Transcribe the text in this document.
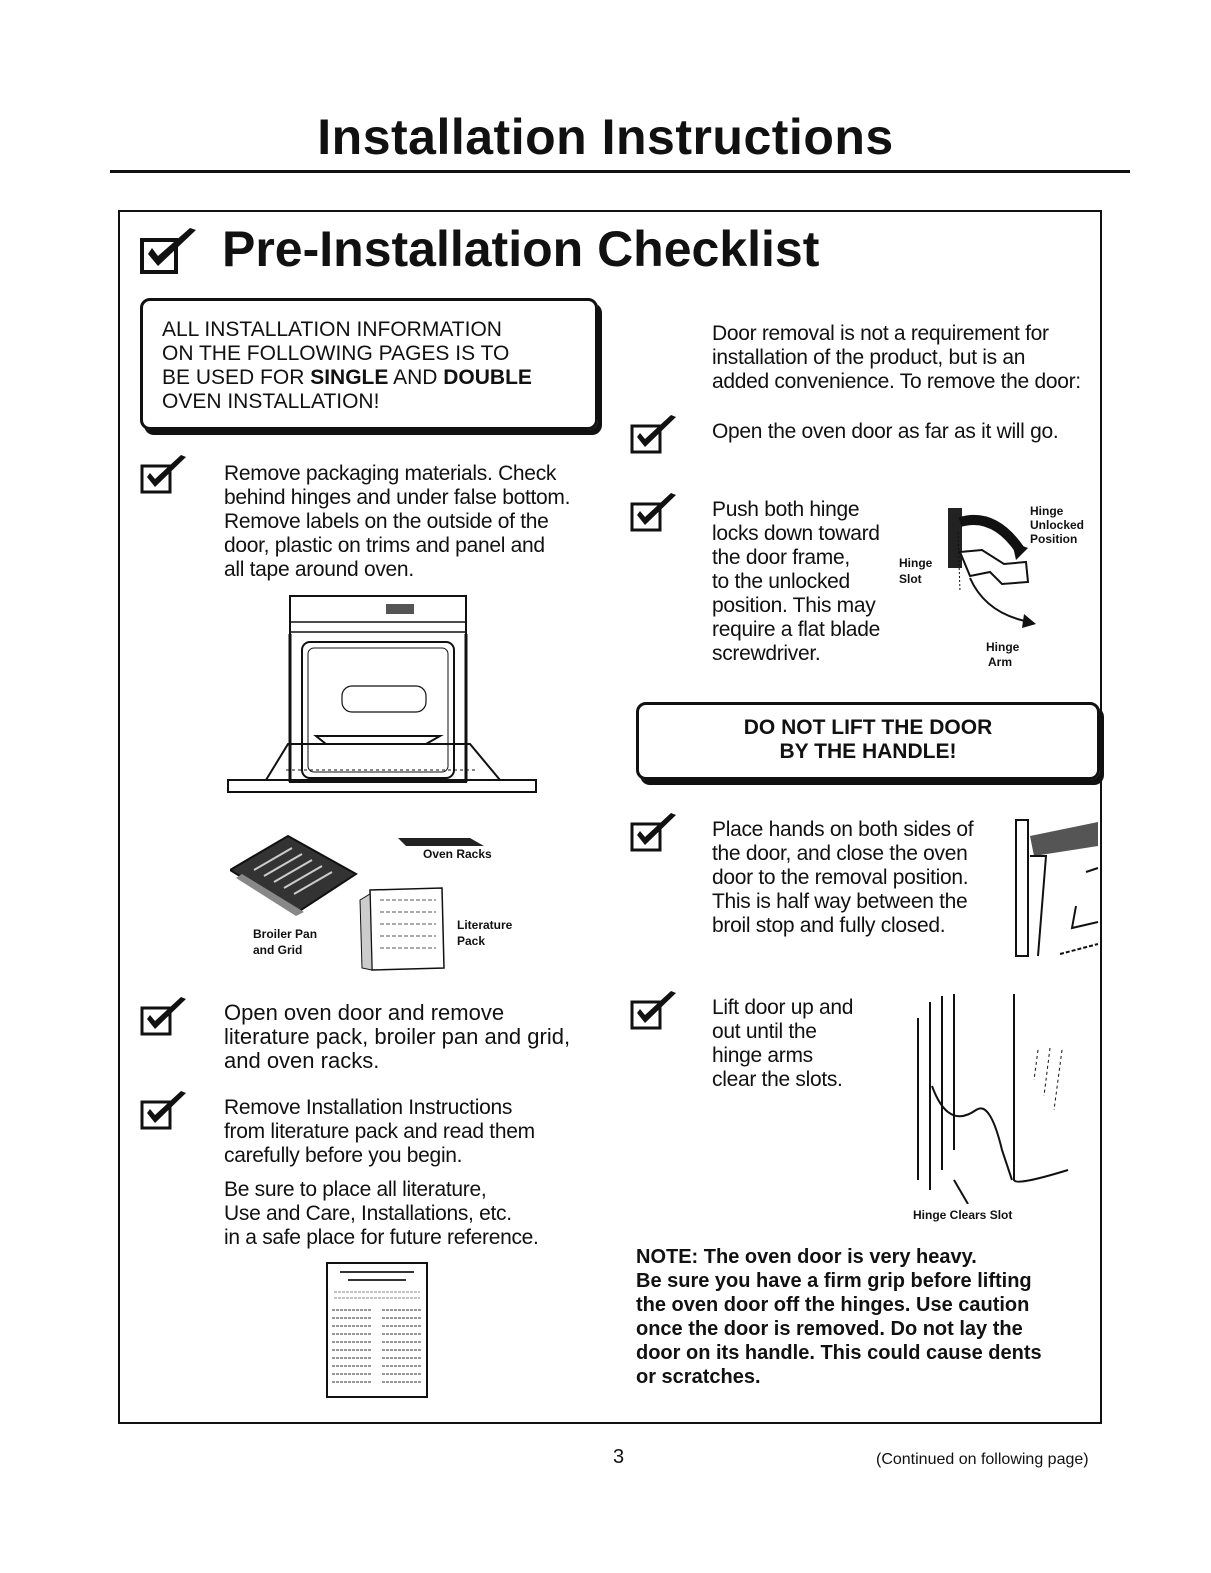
Installation Instructions
Pre-Installation Checklist
ALL INSTALLATION INFORMATION
ON THE FOLLOWING PAGES IS TO
BE USED FOR SINGLE AND DOUBLE
OVEN INSTALLATION!
Remove packaging materials. Check
behind hinges and under false bottom.
Remove labels on the outside of the
door, plastic on trims and panel and
all tape around oven.
Oven Racks
Broiler Pan
and Grid
Literature
Pack
Open oven door and remove
literature pack, broiler pan and grid,
and oven racks.
Remove Installation Instructions
from literature pack and read them
carefully before you begin.
Be sure to place all literature,
Use and Care, Installations, etc.
in a safe place for future reference.
Door removal is not a requirement for
installation of the product, but is an
added convenience. To remove the door:
Open the oven door as far as it will go.
Push both hinge
locks down toward
the door frame,
to the unlocked
position. This may
require a flat blade
screwdriver.
Hinge
Unlocked
Position
Hinge
Slot
Hinge
Arm
DO NOT LIFT THE DOOR
BY THE HANDLE!
Place hands on both sides of
the door, and close the oven
door to the removal position.
This is half way between the
broil stop and fully closed.
Lift door up and
out until the
hinge arms
clear the slots.
Hinge Clears Slot
NOTE: The oven door is very heavy.
Be sure you have a firm grip before lifting
the oven door off the hinges. Use caution
once the door is removed. Do not lay the
door on its handle. This could cause dents
or scratches.
3	(Continued on following page)
